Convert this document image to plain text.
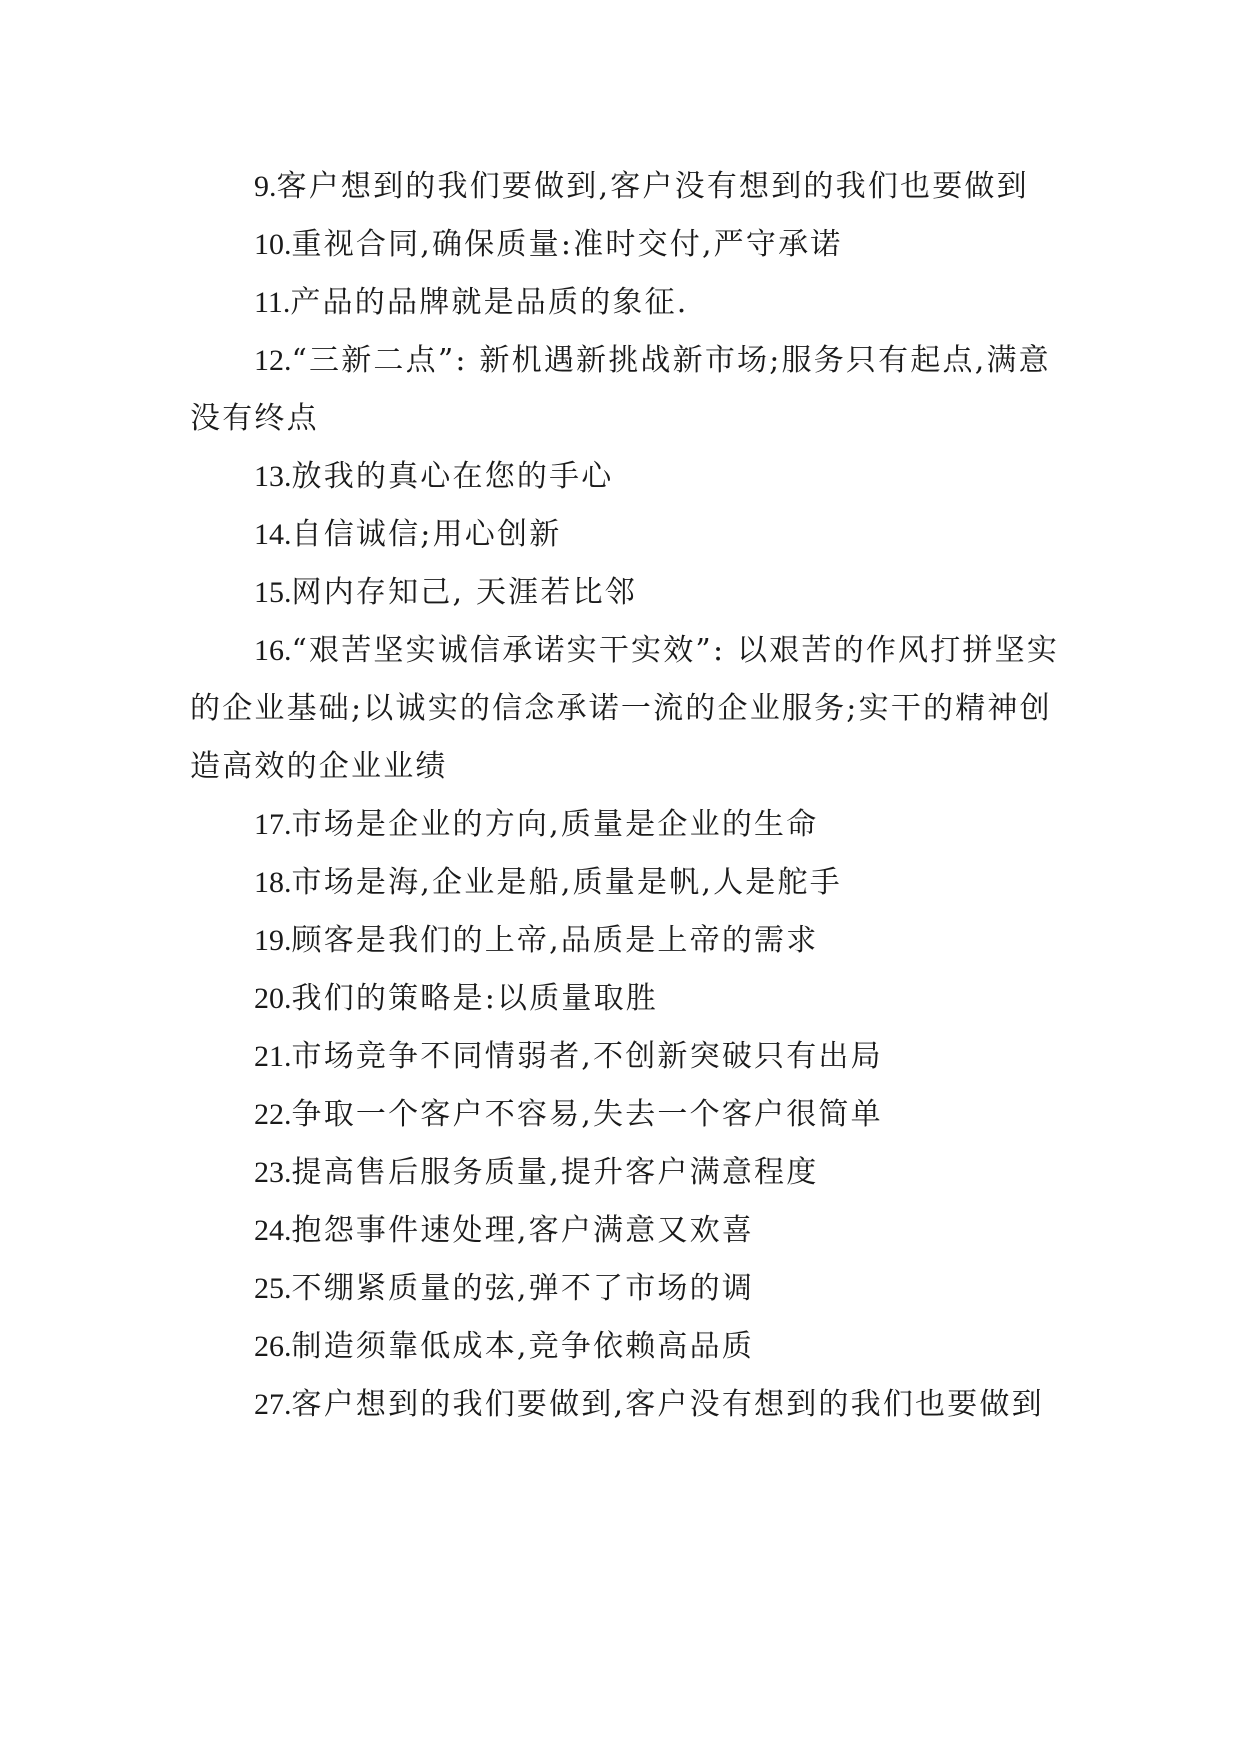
9.客户想到的我们要做到,客户没有想到的我们也要做到

10.重视合同,确保质量:准时交付,严守承诺

11.产品的品牌就是品质的象征.

12.“三新二点”: 新机遇新挑战新市场;服务只有起点,满意没有终点

13.放我的真心在您的手心

14.自信诚信;用心创新

15.网内存知己, 天涯若比邻

16.“艰苦坚实诚信承诺实干实效”: 以艰苦的作风打拼坚实的企业基础;以诚实的信念承诺一流的企业服务;实干的精神创造高效的企业业绩

17.市场是企业的方向,质量是企业的生命

18.市场是海,企业是船,质量是帆,人是舵手

19.顾客是我们的上帝,品质是上帝的需求

20.我们的策略是:以质量取胜

21.市场竞争不同情弱者,不创新突破只有出局

22.争取一个客户不容易,失去一个客户很简单

23.提高售后服务质量,提升客户满意程度

24.抱怨事件速处理,客户满意又欢喜

25.不绷紧质量的弦,弹不了市场的调

26.制造须靠低成本,竞争依赖高品质

27.客户想到的我们要做到,客户没有想到的我们也要做到
